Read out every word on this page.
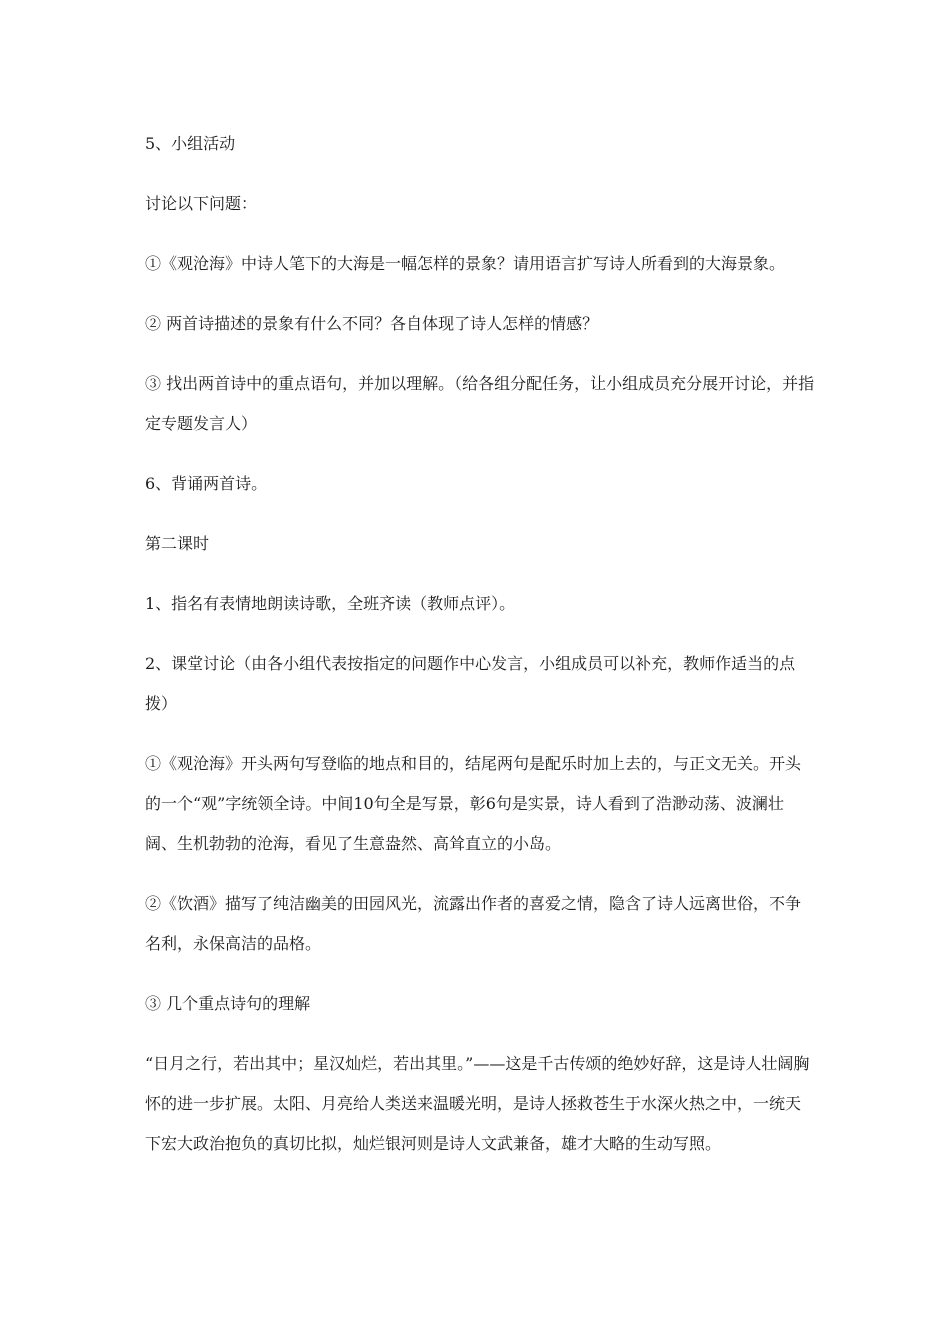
5、小组活动

讨论以下问题：

①《观沧海》中诗人笔下的大海是一幅怎样的景象？请用语言扩写诗人所看到的大海景象。

② 两首诗描述的景象有什么不同？各自体现了诗人怎样的情感？

③ 找出两首诗中的重点语句，并加以理解。（给各组分配任务，让小组成员充分展开讨论，并指定专题发言人）

6、背诵两首诗。

第二课时

1、指名有表情地朗读诗歌，全班齐读（教师点评）。

2、课堂讨论（由各小组代表按指定的问题作中心发言，小组成员可以补充，教师作适当的点拨）

①《观沧海》开头两句写登临的地点和目的，结尾两句是配乐时加上去的，与正文无关。开头的一个“观”字统领全诗。中间10句全是写景，彰6句是实景，诗人看到了浩渺动荡、波澜壮阔、生机勃勃的沧海，看见了生意盎然、高耸直立的小岛。

②《饮酒》描写了纯洁幽美的田园风光，流露出作者的喜爱之情，隐含了诗人远离世俗，不争名利，永保高洁的品格。

③ 几个重点诗句的理解

“日月之行，若出其中；星汉灿烂，若出其里。”——这是千古传颂的绝妙好辞，这是诗人壮阔胸怀的进一步扩展。太阳、月亮给人类送来温暖光明，是诗人拯救苍生于水深火热之中，一统天下宏大政治抱负的真切比拟，灿烂银河则是诗人文武兼备，雄才大略的生动写照。
